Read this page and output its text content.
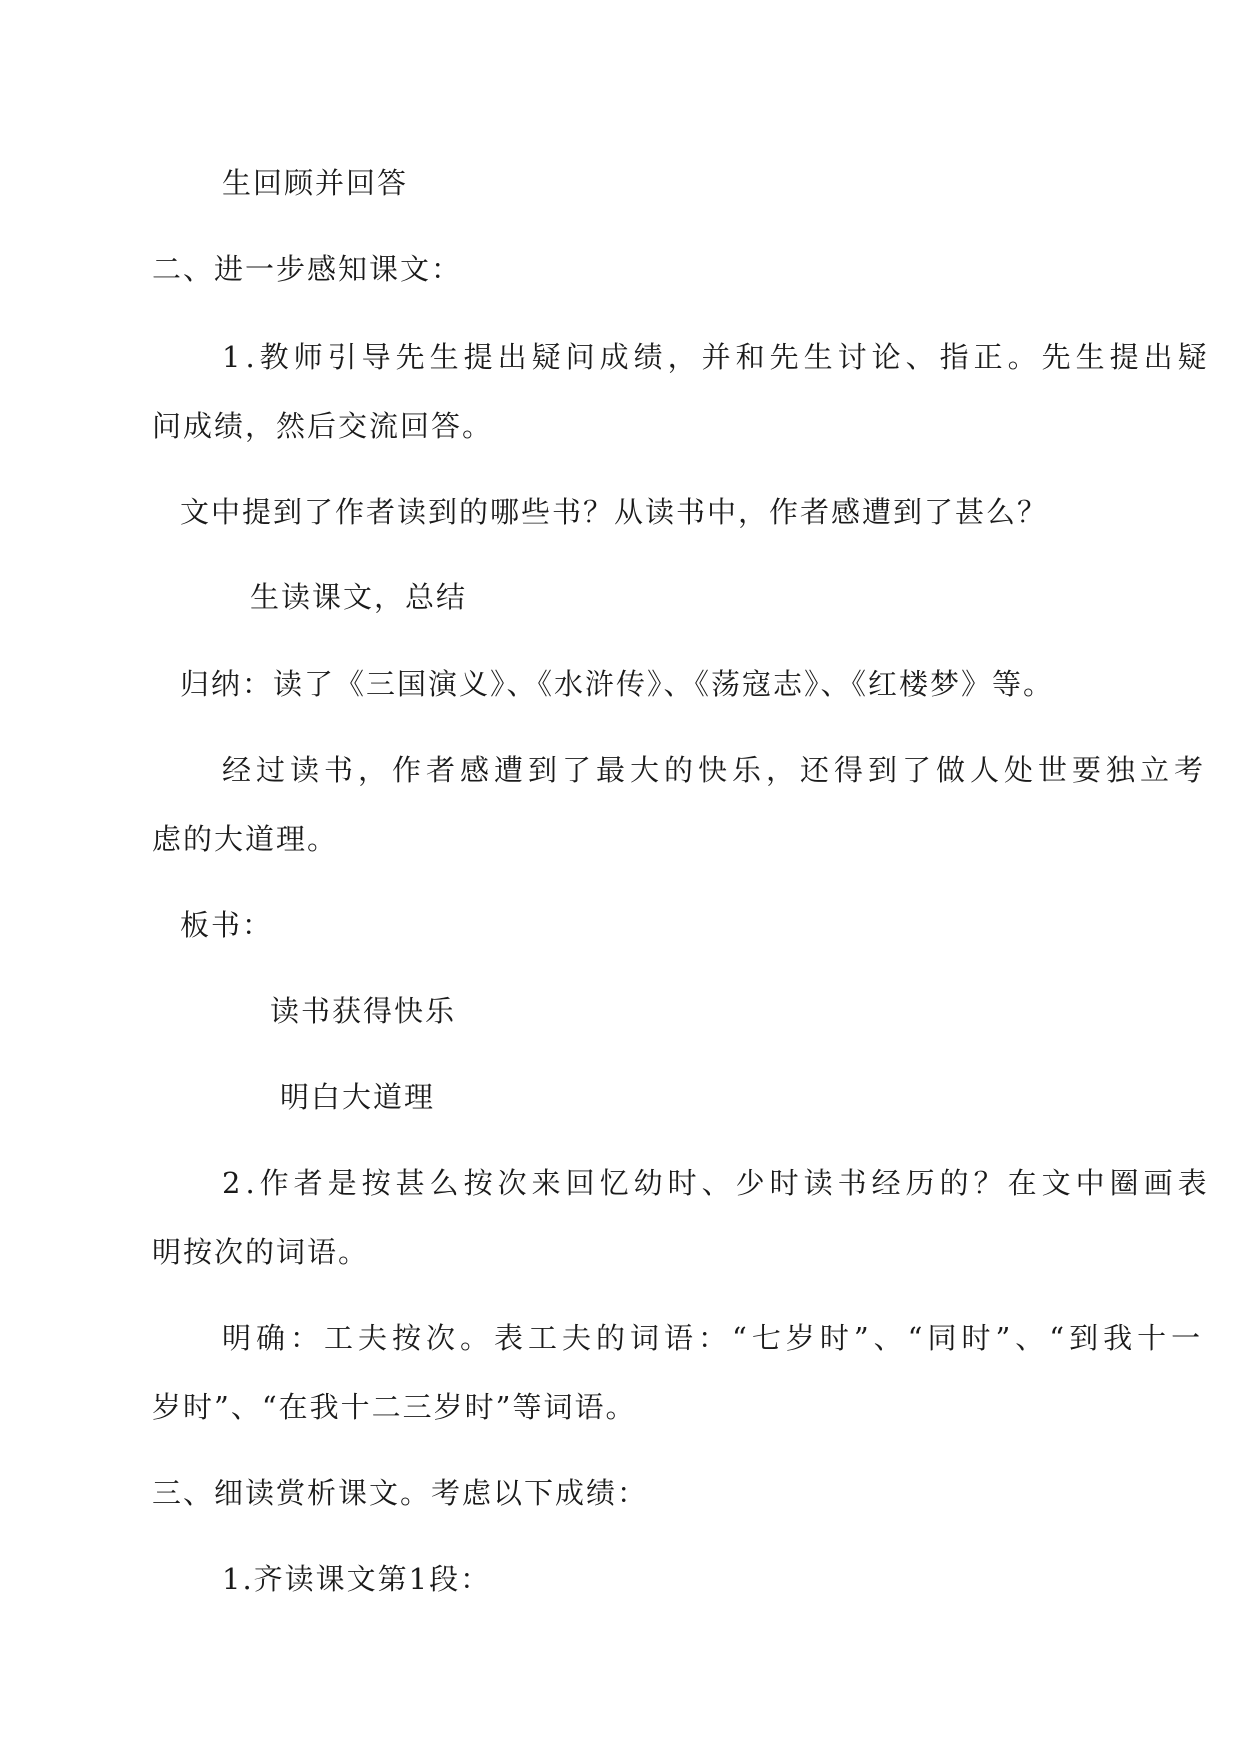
生回顾并回答
二、进一步感知课文：
1.教师引导先生提出疑问成绩，并和先生讨论、指正。先生提出疑
问成绩，然后交流回答。
文中提到了作者读到的哪些书？从读书中，作者感遭到了甚么？
生读课文，总结
归纳：读了《三国演义》、《水浒传》、《荡寇志》、《红楼梦》等。
经过读书，作者感遭到了最大的快乐，还得到了做人处世要独立考
虑的大道理。
板书：
读书获得快乐
明白大道理
2.作者是按甚么按次来回忆幼时、少时读书经历的？在文中圈画表
明按次的词语。
明确：工夫按次。表工夫的词语：“七岁时”、“同时”、“到我十一
岁时”、“在我十二三岁时”等词语。
三、细读赏析课文。考虑以下成绩：
1.齐读课文第1段：
